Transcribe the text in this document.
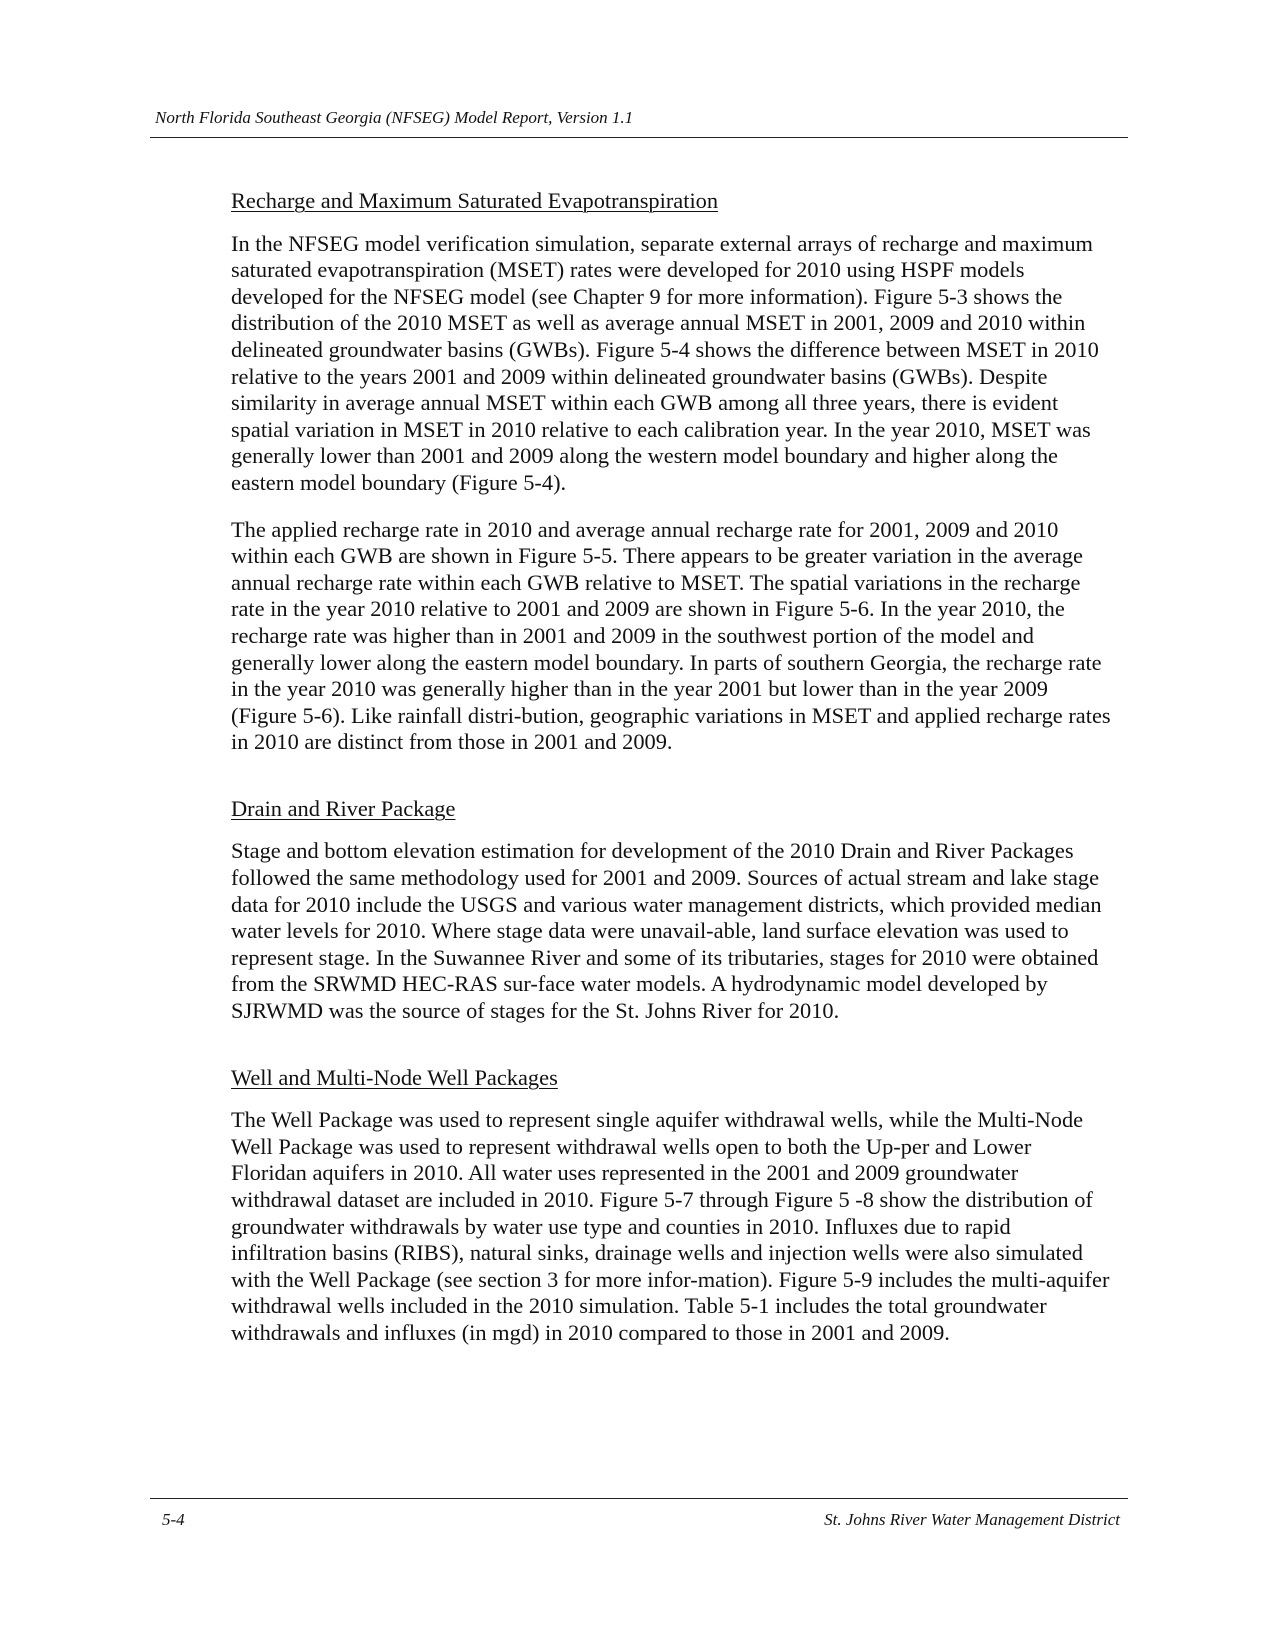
North Florida Southeast Georgia (NFSEG) Model Report, Version 1.1
Recharge and Maximum Saturated Evapotranspiration

In the NFSEG model verification simulation, separate external arrays of recharge and maximum saturated evapotranspiration (MSET) rates were developed for 2010 using HSPF models developed for the NFSEG model (see Chapter 9 for more information). Figure 5-3 shows the distribution of the 2010 MSET as well as average annual MSET in 2001, 2009 and 2010 within delineated groundwater basins (GWBs). Figure 5-4 shows the difference between MSET in 2010 relative to the years 2001 and 2009 within delineated groundwater basins (GWBs). Despite similarity in average annual MSET within each GWB among all three years, there is evident spatial variation in MSET in 2010 relative to each calibration year. In the year 2010, MSET was generally lower than 2001 and 2009 along the western model boundary and higher along the eastern model boundary (Figure 5-4).

The applied recharge rate in 2010 and average annual recharge rate for 2001, 2009 and 2010 within each GWB are shown in Figure 5-5. There appears to be greater variation in the average annual recharge rate within each GWB relative to MSET. The spatial variations in the recharge rate in the year 2010 relative to 2001 and 2009 are shown in Figure 5-6. In the year 2010, the recharge rate was higher than in 2001 and 2009 in the southwest portion of the model and generally lower along the eastern model boundary. In parts of southern Georgia, the recharge rate in the year 2010 was generally higher than in the year 2001 but lower than in the year 2009 (Figure 5-6). Like rainfall distri-bution, geographic variations in MSET and applied recharge rates in 2010 are distinct from those in 2001 and 2009.

Drain and River Package

Stage and bottom elevation estimation for development of the 2010 Drain and River Packages followed the same methodology used for 2001 and 2009. Sources of actual stream and lake stage data for 2010 include the USGS and various water management districts, which provided median water levels for 2010. Where stage data were unavail-able, land surface elevation was used to represent stage. In the Suwannee River and some of its tributaries, stages for 2010 were obtained from the SRWMD HEC-RAS sur-face water models. A hydrodynamic model developed by SJRWMD was the source of stages for the St. Johns River for 2010.

Well and Multi-Node Well Packages

The Well Package was used to represent single aquifer withdrawal wells, while the Multi-Node Well Package was used to represent withdrawal wells open to both the Up-per and Lower Floridan aquifers in 2010. All water uses represented in the 2001 and 2009 groundwater withdrawal dataset are included in 2010. Figure 5-7 through Figure 5 -8 show the distribution of groundwater withdrawals by water use type and counties in 2010. Influxes due to rapid infiltration basins (RIBS), natural sinks, drainage wells and injection wells were also simulated with the Well Package (see section 3 for more infor-mation). Figure 5-9 includes the multi-aquifer withdrawal wells included in the 2010 simulation. Table 5-1 includes the total groundwater withdrawals and influxes (in mgd) in 2010 compared to those in 2001 and 2009.

5-4	St. Johns River Water Management District
